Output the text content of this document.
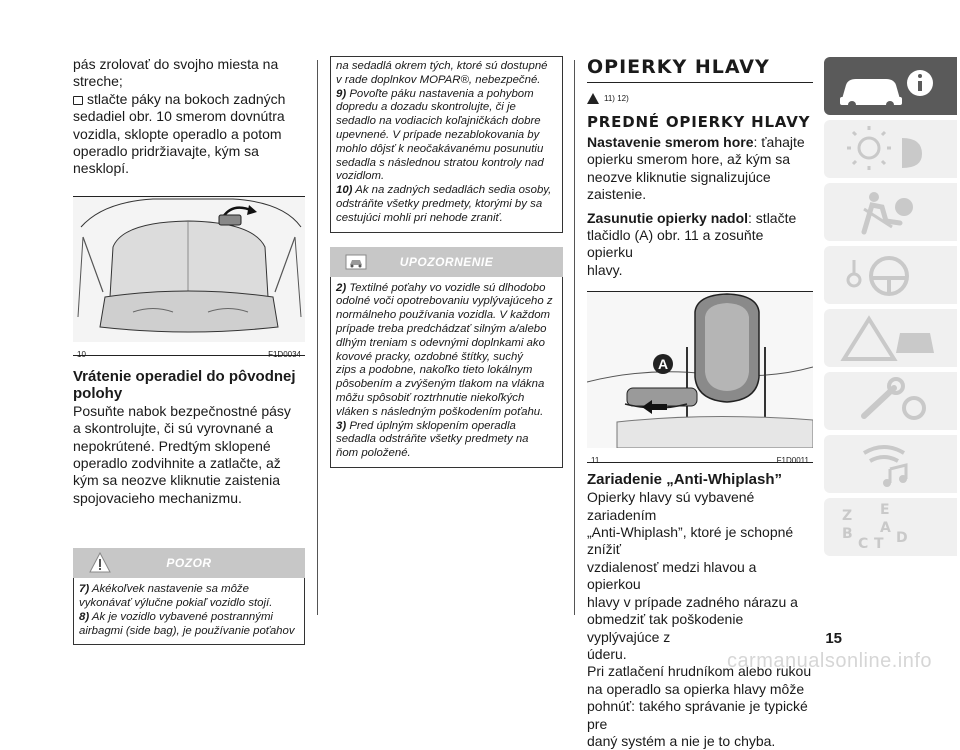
pás zrolovať do svojho miesta na
streche;

stlačte páky na bokoch zadných
sedadiel obr. 10 smerom dovnútra
vozidla, sklopte operadlo a potom
operadlo pridržiavajte, kým sa nesklopí.

10	F1D0034
Vrátenie operadiel do pôvodnej
polohy

Posuňte nabok bezpečnostné pásy
a skontrolujte, či sú vyrovnané a
nepokrútené. Predtým sklopené
operadlo zodvihnite a zatlačte, až
kým sa neozve kliknutie zaistenia
spojovacieho mechanizmu.

POZOR

7) Akékoľvek nastavenie sa môže
vykonávať výlučne pokiaľ vozidlo stojí.

8) Ak je vozidlo vybavené postrannými
airbagmi (side bag), je používanie poťahov

na sedadlá okrem tých, ktoré sú dostupné
v rade doplnkov MOPAR®, nebezpečné.

9) Povoľte páku nastavenia a pohybom
dopredu a dozadu skontrolujte, či je
sedadlo na vodiacich koľajničkách dobre
upevnené. V prípade nezablokovania by
mohlo dôjsť k neočakávanému posunutiu
sedadla s následnou stratou kontroly nad
vozidlom.

10) Ak na zadných sedadlách sedia osoby,
odstráňte všetky predmety, ktorými by sa
cestujúci mohli pri nehode zraniť.

UPOZORNENIE

2) Textilné poťahy vo vozidle sú dlhodobo
odolné voči opotrebovaniu vyplývajúceho z
normálneho používania vozidla. V každom
prípade treba predchádzať silným a/alebo
dlhým treniam s odevnými doplnkami ako
kovové pracky, ozdobné štítky, suchý
zips a podobne, nakoľko tieto lokálnym
pôsobením a zvýšeným tlakom na vlákna
môžu spôsobiť roztrhnutie niekoľkých
vláken s následným poškodením poťahu.

3) Pred úplným sklopením operadla
sedadla odstráňte všetky predmety na
ňom položené.

OPIERKY HLAVY
11) 12)
PREDNÉ OPIERKY HLAVY

Nastavenie smerom hore: ťahajte
opierku smerom hore, až kým sa
neozve kliknutie signalizujúce zaistenie.

Zasunutie opierky nadol: stlačte
tlačidlo (A) obr. 11 a zosuňte opierku
hlavy.

A
11	F1D0011
Zariadenie „Anti-Whiplash”

Opierky hlavy sú vybavené zariadením
„Anti-Whiplash”, ktoré je schopné znížiť
vzdialenosť medzi hlavou a opierkou
hlavy v prípade zadného nárazu a
obmedziť tak poškodenie vyplývajúce z
úderu.

Pri zatlačení hrudníkom alebo rukou
na operadlo sa opierka hlavy môže
pohnúť: takého správanie je typické pre
daný systém a nie je to chyba.

Z E
A
B	D
C T
15
carmanualsonline.info
